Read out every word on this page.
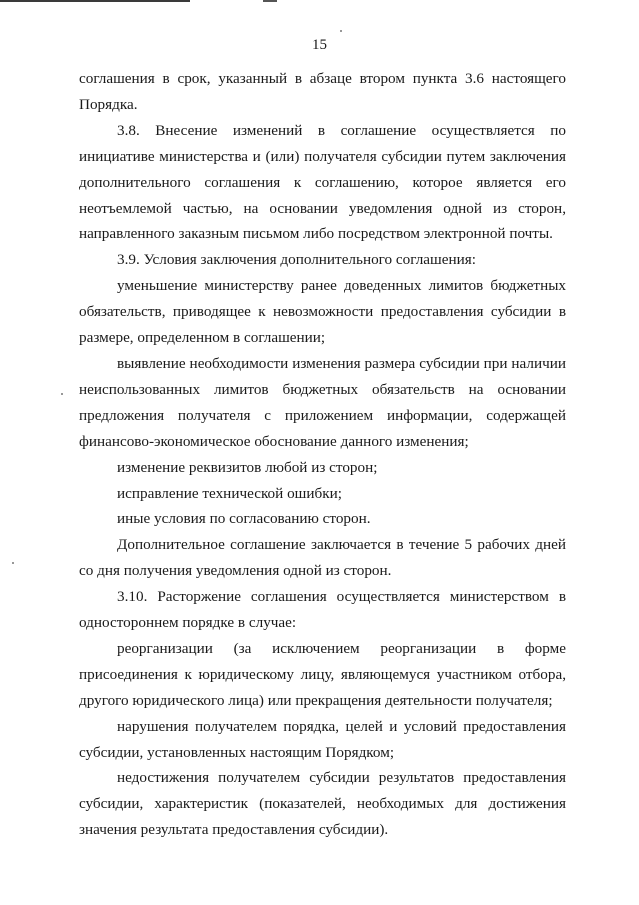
15
соглашения в срок, указанный в абзаце втором пункта 3.6 настоящего
Порядка.
3.8. Внесение изменений в соглашение осуществляется по
инициативе министерства и (или) получателя субсидии путем заключения
дополнительного соглашения к соглашению, которое является его
неотъемлемой частью, на основании уведомления одной из сторон,
направленного заказным письмом либо посредством электронной почты.
3.9. Условия заключения дополнительного соглашения:
уменьшение министерству ранее доведенных лимитов бюджетных
обязательств, приводящее к невозможности предоставления субсидии в
размере, определенном в соглашении;
выявление необходимости изменения размера субсидии при наличии
неиспользованных лимитов бюджетных обязательств на основании
предложения получателя с приложением информации, содержащей
финансово-экономическое обоснование данного изменения;
изменение реквизитов любой из сторон;
исправление технической ошибки;
иные условия по согласованию сторон.
Дополнительное соглашение заключается в течение 5 рабочих дней
со дня получения уведомления одной из сторон.
3.10. Расторжение соглашения осуществляется министерством в
одностороннем порядке в случае:
реорганизации (за исключением реорганизации в форме
присоединения к юридическому лицу, являющемуся участником отбора,
другого юридического лица) или прекращения деятельности получателя;
нарушения получателем порядка, целей и условий предоставления
субсидии, установленных настоящим Порядком;
недостижения получателем субсидии результатов предоставления
субсидии, характеристик (показателей, необходимых для достижения
значения результата предоставления субсидии).
